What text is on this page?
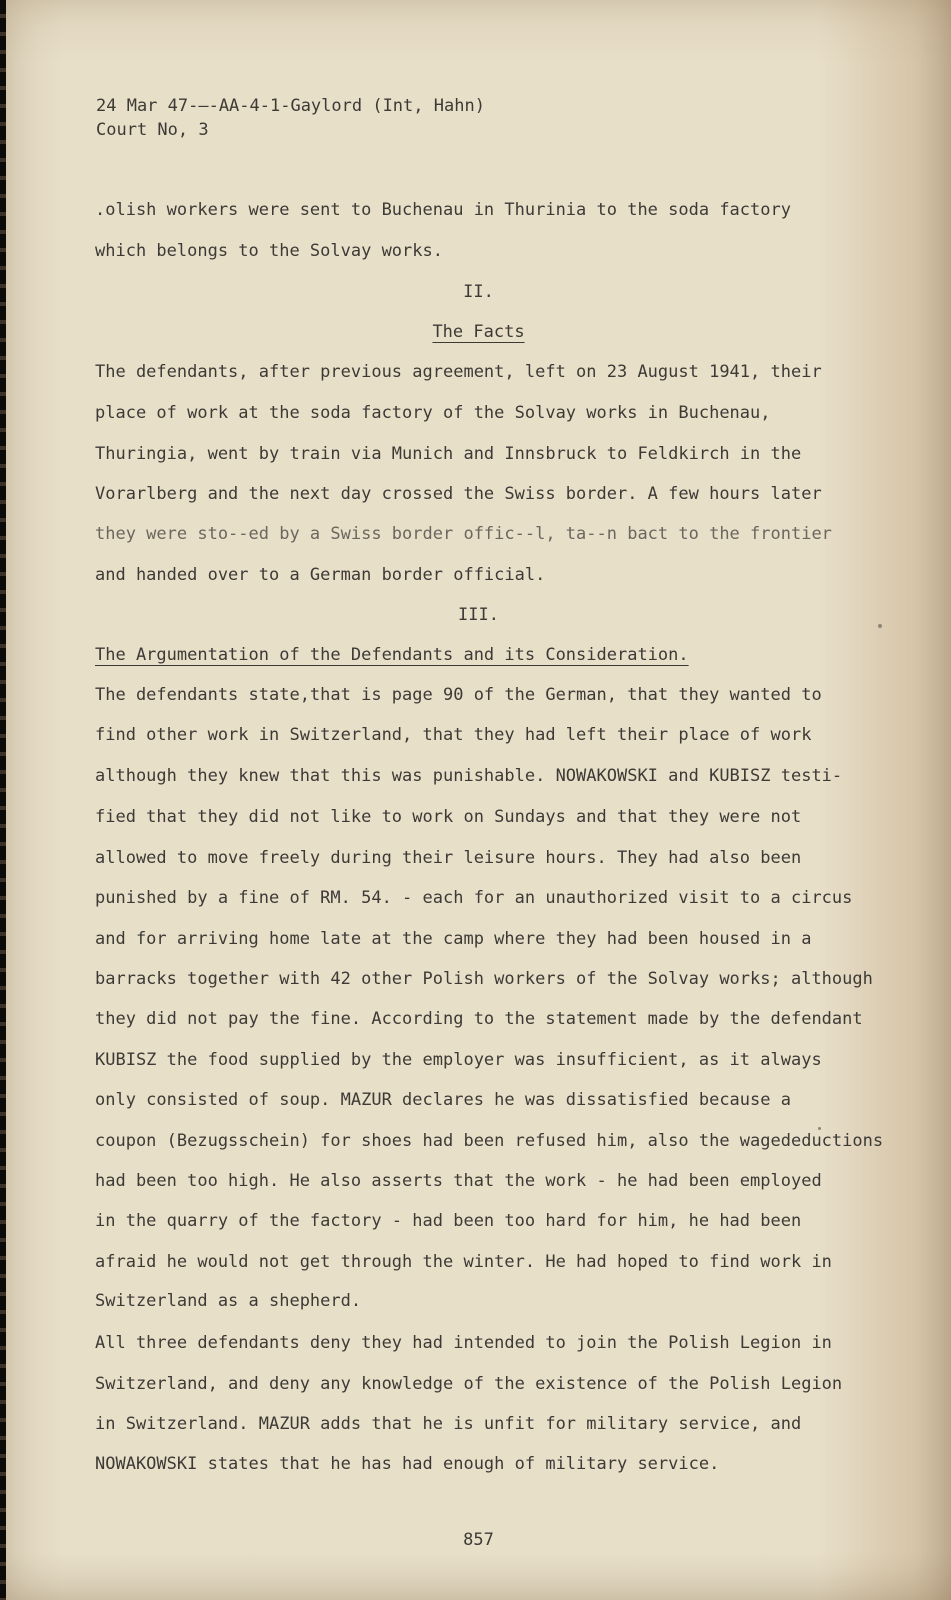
24 Mar 47-—-AA-4-1-Gaylord (Int, Hahn)
Court No, 3
.olish workers were sent to Buchenau in Thurinia to the soda factory
which belongs to the Solvay works.
II.
The Facts
The defendants, after previous agreement, left on 23 August 1941, their
place of work at the soda factory of the Solvay works in Buchenau,
Thuringia, went by train via Munich and Innsbruck to Feldkirch in the
Vorarlberg and the next day crossed the Swiss border. A few hours later
they were sto--ed by a Swiss border offic--l, ta--n bact to the frontier
and handed over to a German border official.
III.
The Argumentation of the Defendants and its Consideration.
The defendants state,that is page 90 of the German, that they wanted to
find other work in Switzerland, that they had left their place of work
although they knew that this was punishable. NOWAKOWSKI and KUBISZ testi-
fied that they did not like to work on Sundays and that they were not
allowed to move freely during their leisure hours. They had also been
punished by a fine of RM. 54. - each for an unauthorized visit to a circus
and for arriving home late at the camp where they had been housed in a
barracks together with 42 other Polish workers of the Solvay works; although
they did not pay the fine. According to the statement made by the defendant
KUBISZ the food supplied by the employer was insufficient, as it always
only consisted of soup. MAZUR declares he was dissatisfied because a
coupon (Bezugsschein) for shoes had been refused him, also the wagedeductions
had been too high. He also asserts that the work - he had been employed
in the quarry of the factory - had been too hard for him, he had been
afraid he would not get through the winter. He had hoped to find work in
Switzerland as a shepherd.
All three defendants deny they had intended to join the Polish Legion in
Switzerland, and deny any knowledge of the existence of the Polish Legion
in Switzerland. MAZUR adds that he is unfit for military service, and
NOWAKOWSKI states that he has had enough of military service.
857
